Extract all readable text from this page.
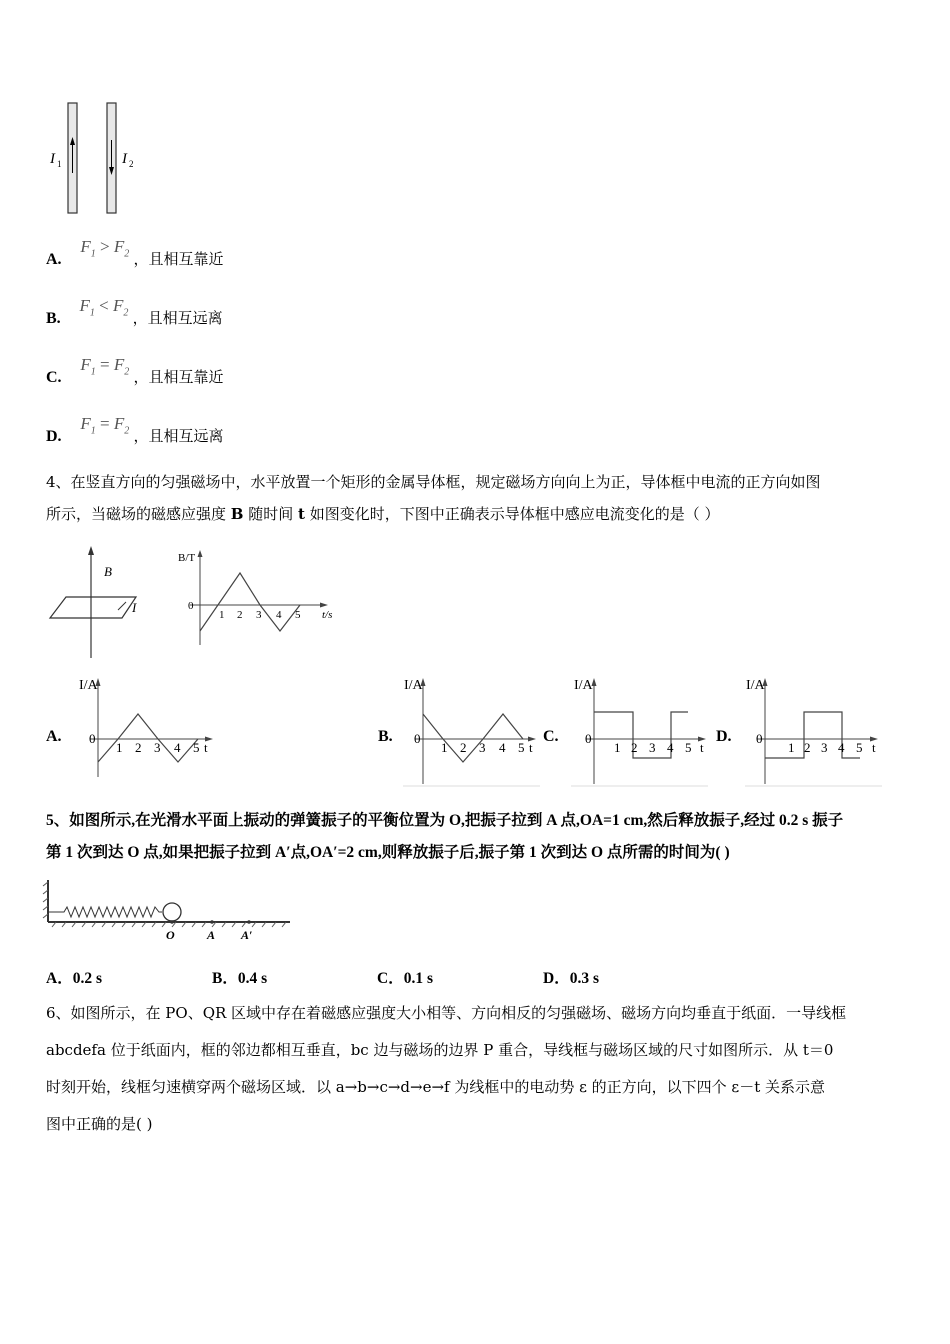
I 1	I 2
A. $F_1 > F_2$ ，且相互靠近
B. $F_1 < F_2$ ，且相互远离
C. $F_1 = F_2$ ，且相互靠近
D. $F_1 = F_2$ ，且相互远离
4、在竖直方向的匀强磁场中，水平放置一个矩形的金属导体框，规定磁场方向向上为正，导体框中电流的正方向如图
所示，当磁场的磁感应强度 B 随时间 t 如图变化时，下图中正确表示导体框中感应电流变化的是（ ）
B
I
B/T
0
1 2 3 4 5 t/s
A.
I/A
0
1 2 3 4 5 t
B.
I/A
0
1 2 3 4 5 t
C.
I/A
0
1 2 3 4 5 t
D.
I/A
0
1 2 3 4 5 t
5、如图所示,在光滑水平面上振动的弹簧振子的平衡位置为 O,把振子拉到 A 点,OA=1 cm,然后释放振子,经过 0.2 s 振子
第 1 次到达 O 点,如果把振子拉到 A′点,OA′=2 cm,则释放振子后,振子第 1 次到达 O 点所需的时间为( )
O	A A′
A．0.2 s	B．0.4 s	C．0.1 s	D．0.3 s
6、如图所示，在 PO、QR 区域中存在着磁感应强度大小相等、方向相反的匀强磁场、磁场方向均垂直于纸面．一导线框
abcdefa 位于纸面内，框的邻边都相互垂直，bc 边与磁场的边界 P 重合，导线框与磁场区域的尺寸如图所示．从 t＝0
时刻开始，线框匀速横穿两个磁场区域．以 a→b→c→d→e→f 为线框中的电动势 ε 的正方向，以下四个 ε－t 关系示意
图中正确的是( )
